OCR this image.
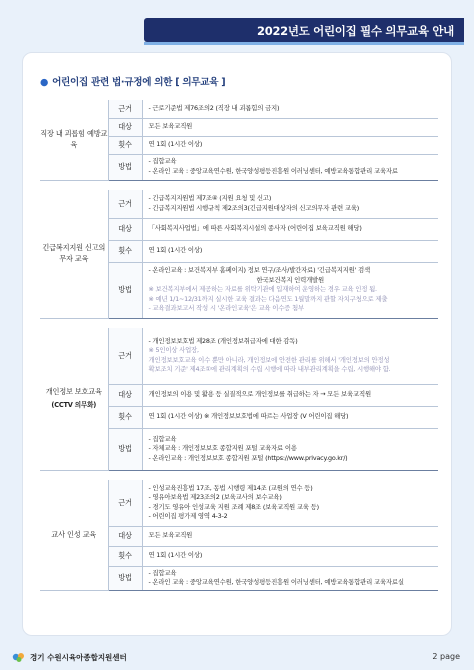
2022년도 어린이집 필수 의무교육 안내
● 어린이집 관련 법·규정에 의한 [ 의무교육 ]
직장 내 괴롭힘 예방교육	근거	- 근로기준법 제76조의2 (직장 내 괴롭힘의 금지)

	대상	모든 보육교직원

	횟수	연 1회 (1시간 이상)

	방법	- 집합교육
- 온라인 교육 : 중앙교육연수원, 한국양성평등진흥원 이러닝센터, 예방교육통합관리 교육자료

긴급복지지원 신고의무자 교육	근거	- 긴급복지지원법 제7조④ (지원 요청 및 신고)
- 긴급복지지원법 시행규칙 제2조의3(긴급지원대상자의 신고의무자 관련 교육)

	대상	「사회복지사업법」에 따른 사회복지시설의 종사자 (어린이집 보육교직원 해당)

	횟수	연 1회 (1시간 이상)

	방법	- 온라인교육 : 보건복지부 홈페이지) 정보 연구/조사/발간자료) '긴급복지지원' 검색
한국보건복지 인력개발원
※ 보건복지부에서 제공하는 자료를 위탁기관에 입재하여 운영하는 경우 교육 인정 됨.
※ 예년 1/1~12/31까지 실시한 교육 결과는 다음연도 1월말까지 관할 자치구청으로 제출
- 교육결과보고서 작성 시 '온라인교육'은 교육 이수증 첨부

개인정보 보호교육
(CCTV 의무화)	근거	- 개인정보보호법 제28조 (개인정보취급자에 대한 감독)
※ 5인이상 사업장,
개인정보보호교육 이수 뿐만 아니라, 개인정보에 안전한 관리를 위해서 '개인정보의 안정성
확보조치 기준' 제4조①에 관리계획의 수립 시행에 따라 내부관리계획을 수립, 시행해야 함.

	대상	개인정보의 이용 및 활용 등 실질적으로 개인정보를 취급하는 자 → 모든 보육교직원

	횟수	연 1회 (1시간 이상) ※ 개인정보보호법에 따르는 사업장 (V 어린이집 해당)

	방법	- 집합교육
- 자체교육 : 개인정보보호 종합지원 포털 교육자료 이용
- 온라인교육 : 개인정보보호 종합지원 포털 (https://www.privacy.go.kr/)

교사 인성 교육	근거	- 인성교육진흥법 17조, 동법 시행령 제14조 (교원의 연수 등)
- 영유아보육법 제23조의2 (보육교사의 보수교육)
- 경기도 영유아 인성교육 지원 조례 제8조 (보육교직원 교육 등)
- 어린이집 평가제 영역 4-3-2

	대상	모든 보육교직원

	횟수	연 1회 (1시간 이상)

	방법	- 집합교육
- 온라인 교육 : 중앙교육연수원, 한국양성평등진흥원 이러닝센터, 예방교육통합관리 교육자료실
경기 수원시육아종합지원센터	2 page
